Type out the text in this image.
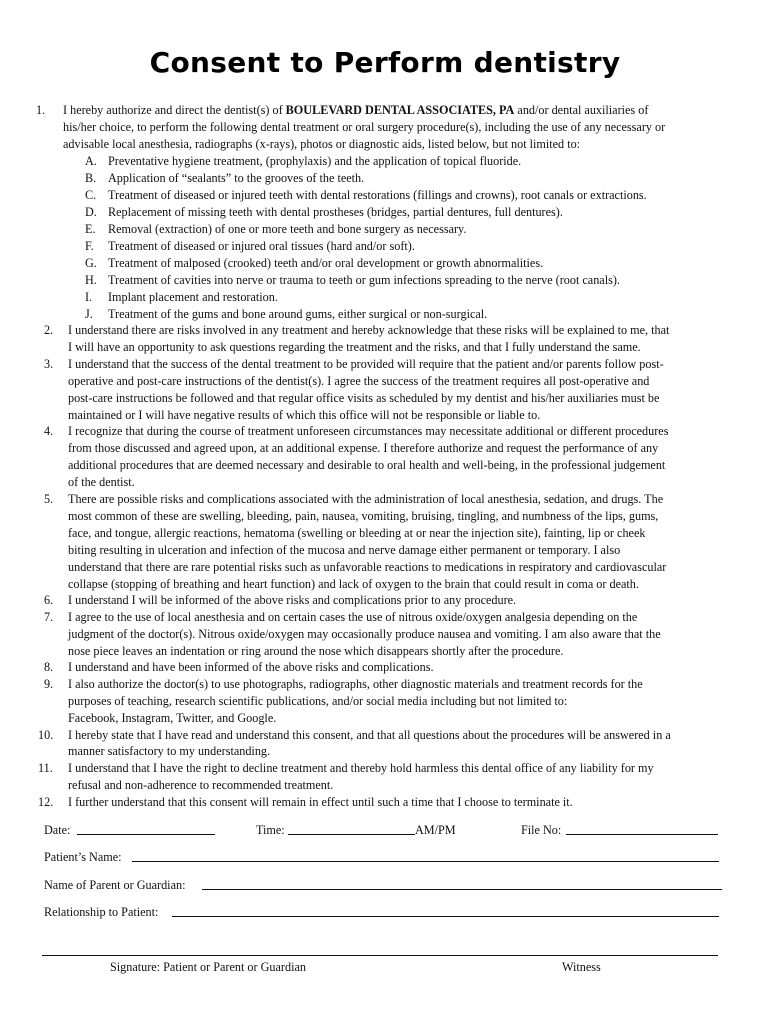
Consent to Perform dentistry
1. I hereby authorize and direct the dentist(s) of BOULEVARD DENTAL ASSOCIATES, PA and/or dental auxiliaries of
his/her choice, to perform the following dental treatment or oral surgery procedure(s), including the use of any necessary or
advisable local anesthesia, radiographs (x-rays), photos or diagnostic aids, listed below, but not limited to:
A. Preventative hygiene treatment, (prophylaxis) and the application of topical fluoride.
B. Application of “sealants” to the grooves of the teeth.
C. Treatment of diseased or injured teeth with dental restorations (fillings and crowns), root canals or extractions.
D. Replacement of missing teeth with dental prostheses (bridges, partial dentures, full dentures).
E. Removal (extraction) of one or more teeth and bone surgery as necessary.
F. Treatment of diseased or injured oral tissues (hard and/or soft).
G. Treatment of malposed (crooked) teeth and/or oral development or growth abnormalities.
H. Treatment of cavities into nerve or trauma to teeth or gum infections spreading to the nerve (root canals).
I. Implant placement and restoration.
J. Treatment of the gums and bone around gums, either surgical or non-surgical.
2. I understand there are risks involved in any treatment and hereby acknowledge that these risks will be explained to me, that
I will have an opportunity to ask questions regarding the treatment and the risks, and that I fully understand the same.
3. I understand that the success of the dental treatment to be provided will require that the patient and/or parents follow post-
operative and post-care instructions of the dentist(s). I agree the success of the treatment requires all post-operative and
post-care instructions be followed and that regular office visits as scheduled by my dentist and his/her auxiliaries must be
maintained or I will have negative results of which this office will not be responsible or liable to.
4. I recognize that during the course of treatment unforeseen circumstances may necessitate additional or different procedures
from those discussed and agreed upon, at an additional expense. I therefore authorize and request the performance of any
additional procedures that are deemed necessary and desirable to oral health and well-being, in the professional judgement
of the dentist.
5. There are possible risks and complications associated with the administration of local anesthesia, sedation, and drugs. The
most common of these are swelling, bleeding, pain, nausea, vomiting, bruising, tingling, and numbness of the lips, gums,
face, and tongue, allergic reactions, hematoma (swelling or bleeding at or near the injection site), fainting, lip or cheek
biting resulting in ulceration and infection of the mucosa and nerve damage either permanent or temporary. I also
understand that there are rare potential risks such as unfavorable reactions to medications in respiratory and cardiovascular
collapse (stopping of breathing and heart function) and lack of oxygen to the brain that could result in coma or death.
6. I understand I will be informed of the above risks and complications prior to any procedure.
7. I agree to the use of local anesthesia and on certain cases the use of nitrous oxide/oxygen analgesia depending on the
judgment of the doctor(s). Nitrous oxide/oxygen may occasionally produce nausea and vomiting. I am also aware that the
nose piece leaves an indentation or ring around the nose which disappears shortly after the procedure.
8. I understand and have been informed of the above risks and complications.
9. I also authorize the doctor(s) to use photographs, radiographs, other diagnostic materials and treatment records for the
purposes of teaching, research scientific publications, and/or social media including but not limited to:
Facebook, Instagram, Twitter, and Google.
10. I hereby state that I have read and understand this consent, and that all questions about the procedures will be answered in a
manner satisfactory to my understanding.
11. I understand that I have the right to decline treatment and thereby hold harmless this dental office of any liability for my
refusal and non-adherence to recommended treatment.
12. I further understand that this consent will remain in effect until such a time that I choose to terminate it.
Date:	Time:	AM/PM	File No:
Patient’s Name:
Name of Parent or Guardian:
Relationship to Patient:
Signature: Patient or Parent or Guardian	Witness
